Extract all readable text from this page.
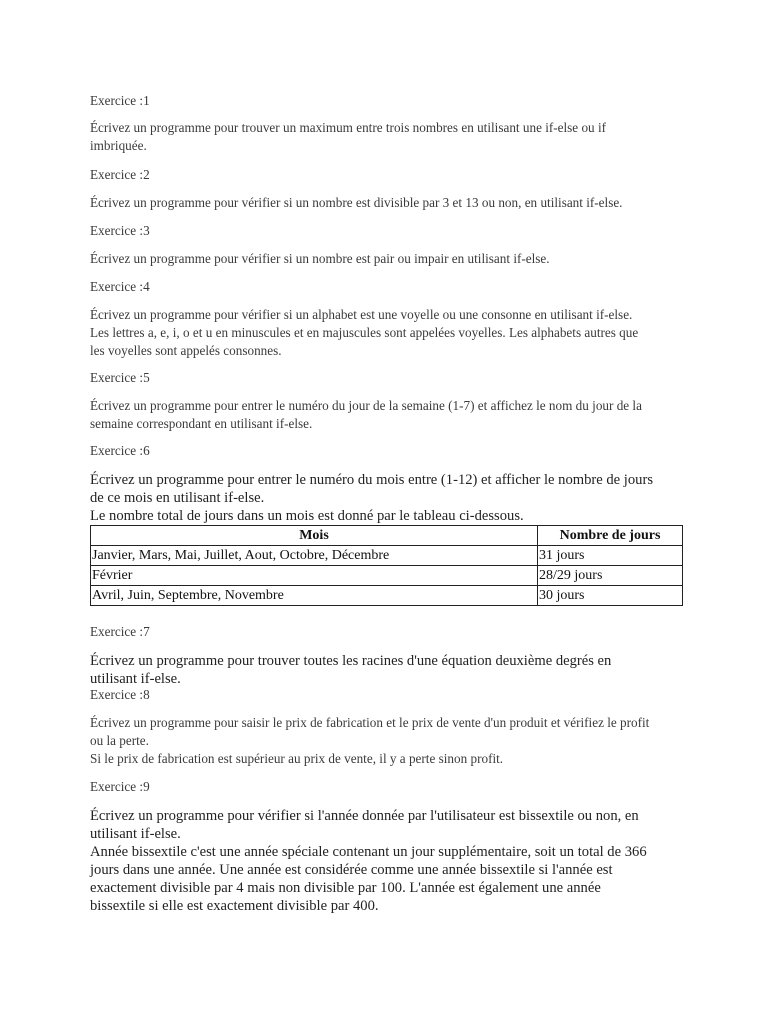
Exercice :1

Écrivez un programme pour trouver un maximum entre trois nombres en utilisant une if-else ou if

imbriquée.

Exercice :2

Écrivez un programme pour vérifier si un nombre est divisible par 3 et 13 ou non, en utilisant if-else.

Exercice :3

Écrivez un programme pour vérifier si un nombre est pair ou impair en utilisant if-else.

Exercice :4

Écrivez un programme pour vérifier si un alphabet est une voyelle ou une consonne en utilisant if-else.

Les lettres a, e, i, o et u en minuscules et en majuscules sont appelées voyelles. Les alphabets autres que

les voyelles sont appelés consonnes.

Exercice :5

Écrivez un programme pour entrer le numéro du jour de la semaine (1-7) et affichez le nom du jour de la

semaine correspondant en utilisant if-else.

Exercice :6

Écrivez un programme pour entrer le numéro du mois entre (1-12) et afficher le nombre de jours

de ce mois en utilisant if-else.

Le nombre total de jours dans un mois est donné par le tableau ci-dessous.

Mois	Nombre de jours
Janvier, Mars, Mai, Juillet, Aout, Octobre, Décembre	31 jours
Février	28/29 jours
Avril, Juin, Septembre, Novembre	30 jours

Exercice :7

Écrivez un programme pour trouver toutes les racines d'une équation deuxième degrés en

utilisant if-else.

Exercice :8

Écrivez un programme pour saisir le prix de fabrication et le prix de vente d'un produit et vérifiez le profit

ou la perte.

Si le prix de fabrication est supérieur au prix de vente, il y a perte sinon profit.

Exercice :9

Écrivez un programme pour vérifier si l'année donnée par l'utilisateur est bissextile ou non, en

utilisant if-else.

Année bissextile c'est une année spéciale contenant un jour supplémentaire, soit un total de 366

jours dans une année. Une année est considérée comme une année bissextile si l'année est

exactement divisible par 4 mais non divisible par 100. L'année est également une année

bissextile si elle est exactement divisible par 400.
